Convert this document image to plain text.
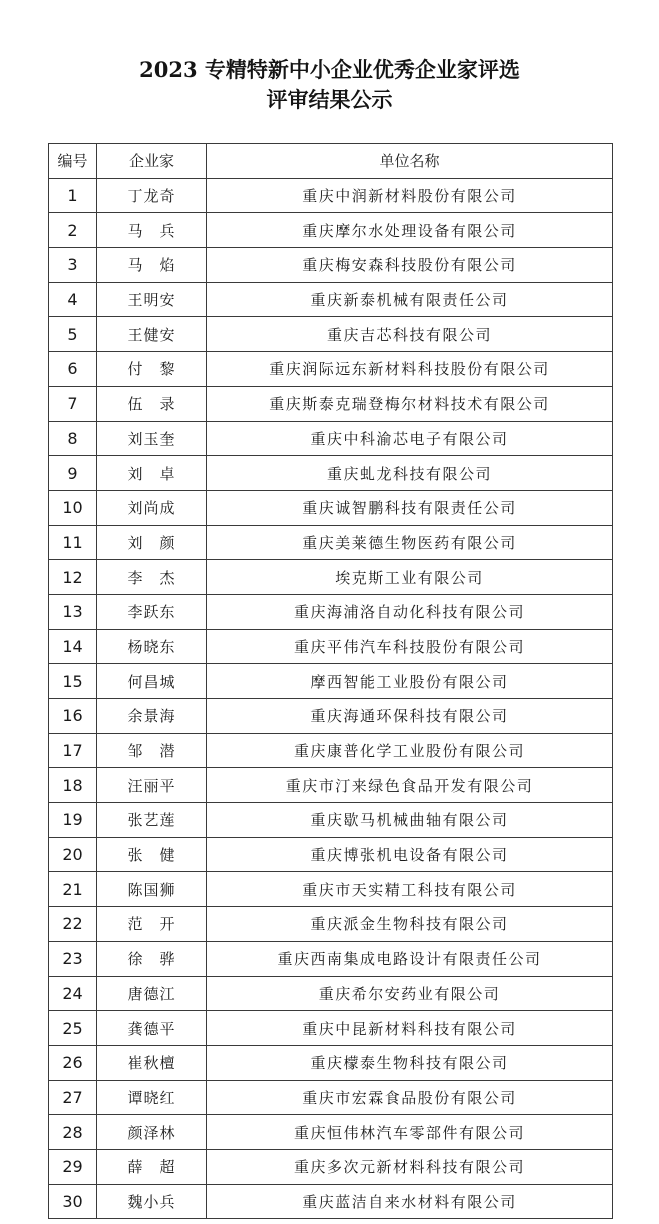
2023 专精特新中小企业优秀企业家评选
评审结果公示
编号	企业家	单位名称
1	丁龙奇	重庆中润新材料股份有限公司
2	马　兵	重庆摩尔水处理设备有限公司
3	马　焰	重庆梅安森科技股份有限公司
4	王明安	重庆新泰机械有限责任公司
5	王健安	重庆吉芯科技有限公司
6	付　黎	重庆润际远东新材料科技股份有限公司
7	伍　录	重庆斯泰克瑞登梅尔材料技术有限公司
8	刘玉奎	重庆中科渝芯电子有限公司
9	刘　卓	重庆虬龙科技有限公司
10	刘尚成	重庆诚智鹏科技有限责任公司
11	刘　颜	重庆美莱德生物医药有限公司
12	李　杰	埃克斯工业有限公司
13	李跃东	重庆海浦洛自动化科技有限公司
14	杨晓东	重庆平伟汽车科技股份有限公司
15	何昌城	摩西智能工业股份有限公司
16	余景海	重庆海通环保科技有限公司
17	邹　潜	重庆康普化学工业股份有限公司
18	汪丽平	重庆市汀来绿色食品开发有限公司
19	张艺莲	重庆歇马机械曲轴有限公司
20	张　健	重庆博张机电设备有限公司
21	陈国狮	重庆市天实精工科技有限公司
22	范　开	重庆派金生物科技有限公司
23	徐　骅	重庆西南集成电路设计有限责任公司
24	唐德江	重庆希尔安药业有限公司
25	龚德平	重庆中昆新材料科技有限公司
26	崔秋檀	重庆檬泰生物科技有限公司
27	谭晓红	重庆市宏霖食品股份有限公司
28	颜泽林	重庆恒伟林汽车零部件有限公司
29	薛　超	重庆多次元新材料科技有限公司
30	魏小兵	重庆蓝洁自来水材料有限公司
